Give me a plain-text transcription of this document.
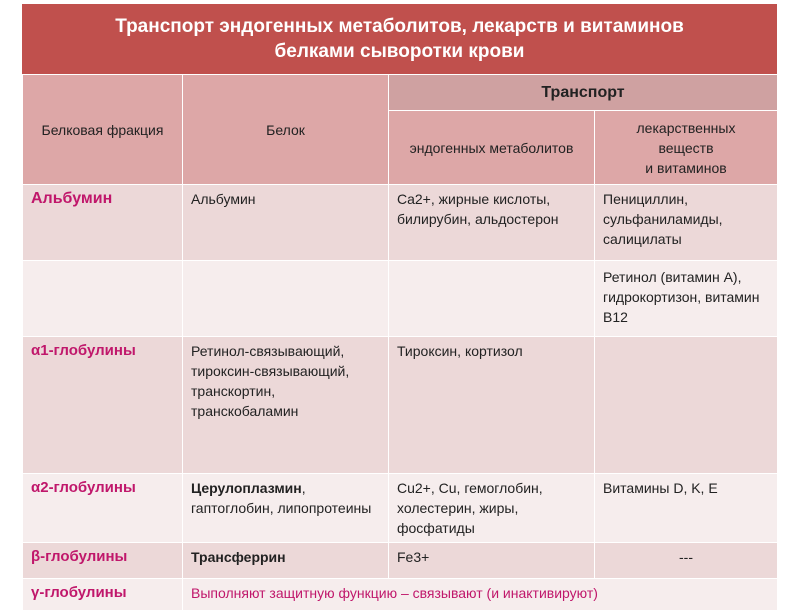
Транспорт эндогенных метаболитов, лекарств и витаминов
белками сыворотки крови
Белковая фракция	Белок	Транспорт	
		эндогенных метаболитов	лекарственных
веществ
и витаминов

Альбумин	Альбумин	Ca2+, жирные кислоты, билирубин, альдостерон	Пенициллин, сульфаниламиды, салицилаты
			Ретинол (витамин А), гидрокортизон, витамин В12
α1-глобулины	Ретинол-связывающий, тироксин-связывающий, транскортин, транскобаламин	Тироксин, кортизол	
α2-глобулины	Церулоплазмин, гаптоглобин, липопротеины	Cu2+, Cu, гемоглобин, холестерин, жиры, фосфатиды	Витамины D, K, E
β-глобулины	Трансферрин	Fe3+	---
γ-глобулины	Выполняют защитную функцию – связывают (и инактивируют)		
